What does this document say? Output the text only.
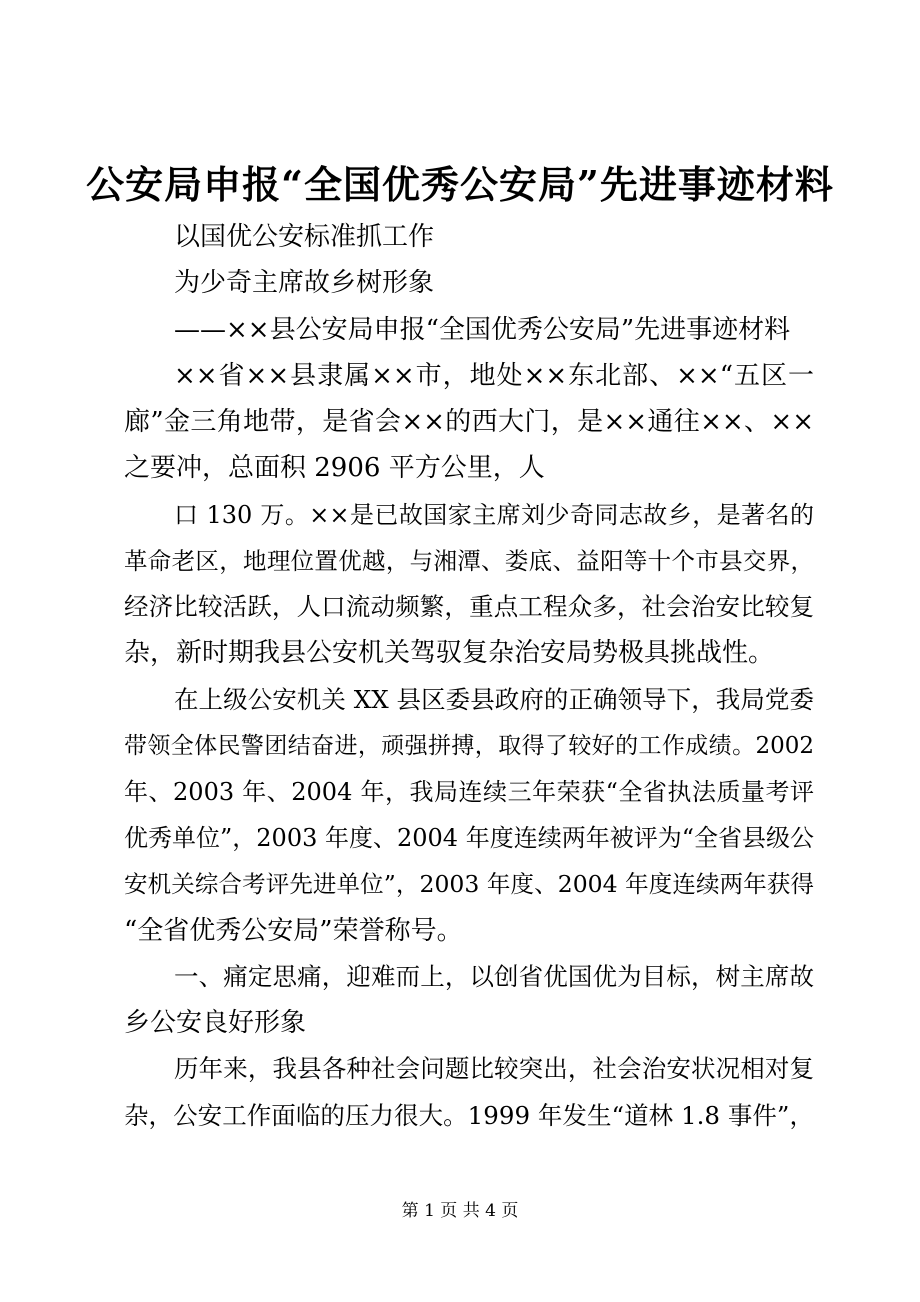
公安局申报“全国优秀公安局”先进事迹材料
以国优公安标准抓工作
为少奇主席故乡树形象
——××县公安局申报“全国优秀公安局”先进事迹材料
××省××县隶属××市，地处××东北部、××“五区一
廊”金三角地带，是省会××的西大门，是××通往××、××
之要冲，总面积 2906 平方公里，人
口 130 万。××是已故国家主席刘少奇同志故乡，是著名的
革命老区，地理位置优越，与湘潭、娄底、益阳等十个市县交界，
经济比较活跃，人口流动频繁，重点工程众多，社会治安比较复
杂，新时期我县公安机关驾驭复杂治安局势极具挑战性。
在上级公安机关 XX 县区委县政府的正确领导下，我局党委
带领全体民警团结奋进，顽强拼搏，取得了较好的工作成绩。2002
年、2003 年、2004 年，我局连续三年荣获“全省执法质量考评
优秀单位”，2003 年度、2004 年度连续两年被评为“全省县级公
安机关综合考评先进单位”，2003 年度、2004 年度连续两年获得
“全省优秀公安局”荣誉称号。
一、痛定思痛，迎难而上，以创省优国优为目标，树主席故
乡公安良好形象
历年来，我县各种社会问题比较突出，社会治安状况相对复
杂，公安工作面临的压力很大。1999 年发生“道林 1.8 事件”，
第 1 页 共 4 页
